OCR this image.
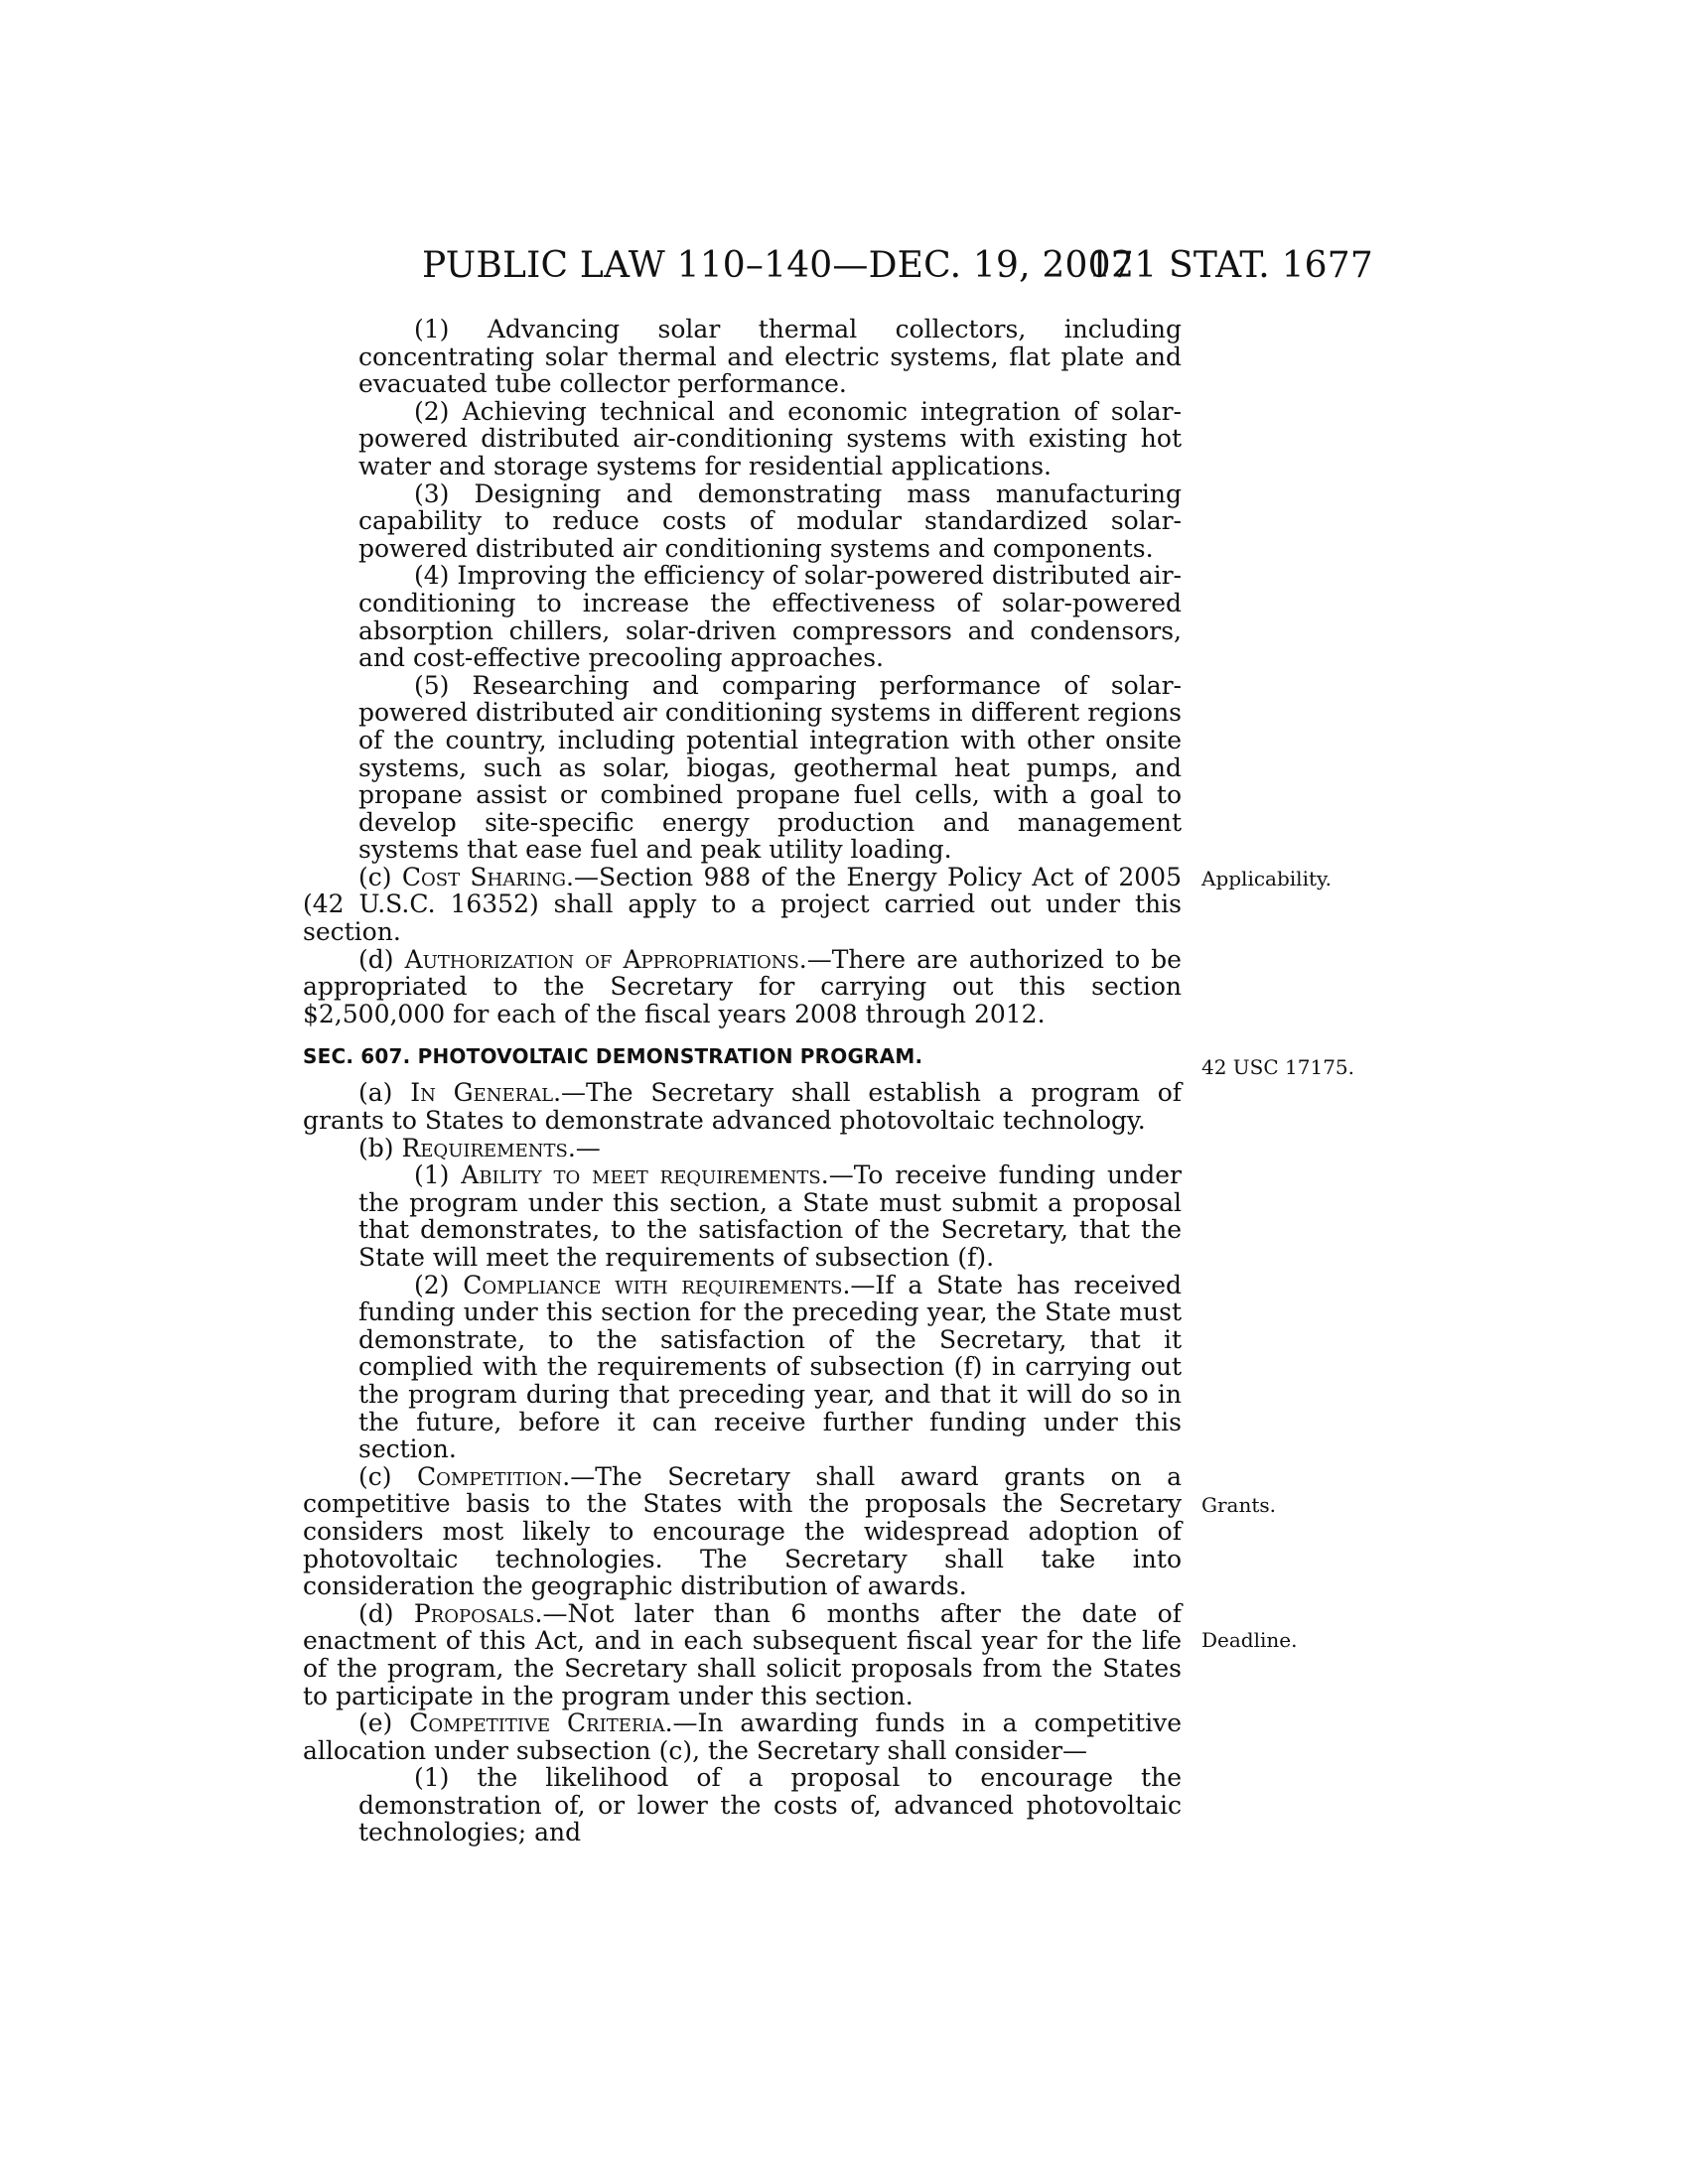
PUBLIC LAW 110–140—DEC. 19, 2007
121 STAT. 1677

(1) Advancing solar thermal collectors, including concentrating solar thermal and electric systems, flat plate and evacuated tube collector performance.

(2) Achieving technical and economic integration of solar-powered distributed air-conditioning systems with existing hot water and storage systems for residential applications.

(3) Designing and demonstrating mass manufacturing capability to reduce costs of modular standardized solar-powered distributed air conditioning systems and components.

(4) Improving the efficiency of solar-powered distributed air-conditioning to increase the effectiveness of solar-powered absorption chillers, solar-driven compressors and condensors, and cost-effective precooling approaches.

(5) Researching and comparing performance of solar-powered distributed air conditioning systems in different regions of the country, including potential integration with other onsite systems, such as solar, biogas, geothermal heat pumps, and propane assist or combined propane fuel cells, with a goal to develop site-specific energy production and management systems that ease fuel and peak utility loading.

(c) Cost Sharing.—Section 988 of the Energy Policy Act of 2005 (42 U.S.C. 16352) shall apply to a project carried out under this section.

(d) Authorization of Appropriations.—There are authorized to be appropriated to the Secretary for carrying out this section $2,500,000 for each of the fiscal years 2008 through 2012.

SEC. 607. PHOTOVOLTAIC DEMONSTRATION PROGRAM.

(a) In General.—The Secretary shall establish a program of grants to States to demonstrate advanced photovoltaic technology.

(b) Requirements.—

(1) Ability to meet requirements.—To receive funding under the program under this section, a State must submit a proposal that demonstrates, to the satisfaction of the Secretary, that the State will meet the requirements of subsection (f).

(2) Compliance with requirements.—If a State has received funding under this section for the preceding year, the State must demonstrate, to the satisfaction of the Secretary, that it complied with the requirements of subsection (f) in carrying out the program during that preceding year, and that it will do so in the future, before it can receive further funding under this section.

(c) Competition.—The Secretary shall award grants on a competitive basis to the States with the proposals the Secretary considers most likely to encourage the widespread adoption of photovoltaic technologies. The Secretary shall take into consideration the geographic distribution of awards.

(d) Proposals.—Not later than 6 months after the date of enactment of this Act, and in each subsequent fiscal year for the life of the program, the Secretary shall solicit proposals from the States to participate in the program under this section.

(e) Competitive Criteria.—In awarding funds in a competitive allocation under subsection (c), the Secretary shall consider—

(1) the likelihood of a proposal to encourage the demonstration of, or lower the costs of, advanced photovoltaic technologies; and

Applicability.
42 USC 17175.
Grants.
Deadline.
